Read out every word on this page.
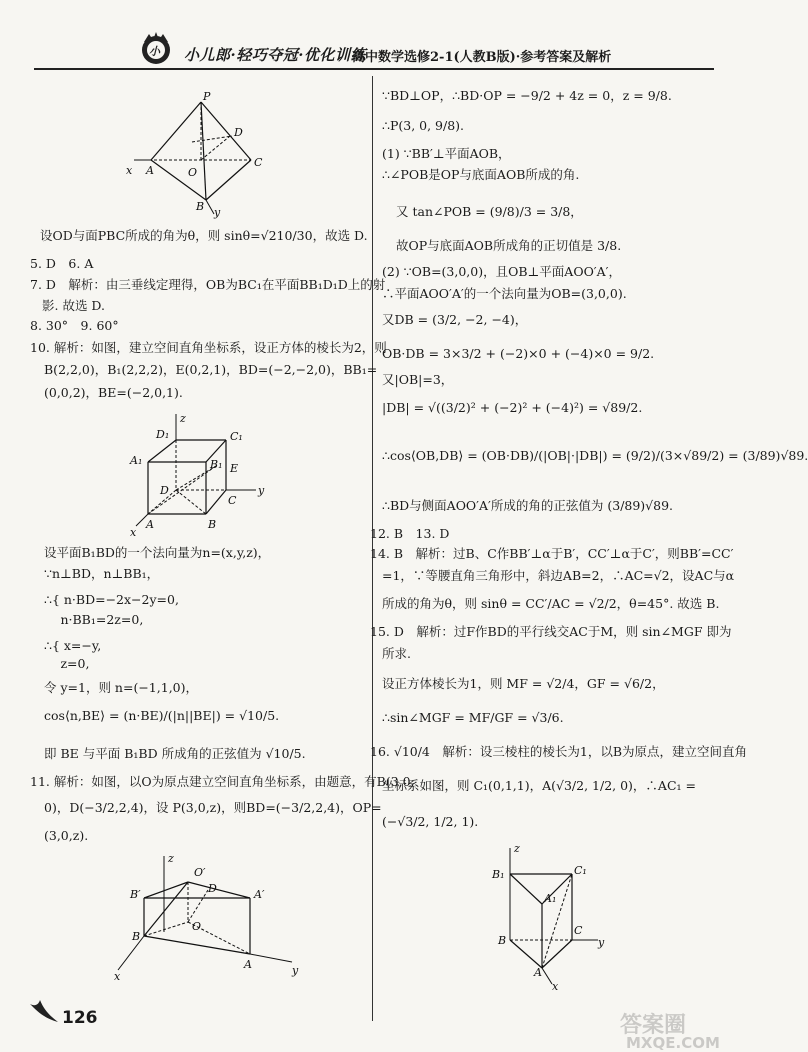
小 小儿郎·轻巧夺冠·优化训练
高中数学选修2-1(人教B版)·参考答案及解析
P
D
C
O
A
B
x
y
设OD与面PBC所成的角为θ，则 sinθ=√210/30，故选 D.
5. D　6. A
7. D　解析：由三垂线定理得，OB为BC₁在平面BB₁D₁D上的射
影. 故选 D.
8. 30°　9. 60°
10. 解析：如图，建立空间直角坐标系，设正方体的棱长为2，则
B(2,2,0)，B₁(2,2,2)，E(0,2,1)，BD=(−2,−2,0)，BB₁=
(0,0,2)，BE=(−2,0,1).
z
D₁	C₁
A₁	B₁ E
D
C
A	B
x
y
设平面B₁BD的一个法向量为n=(x,y,z)，
∵n⊥BD，n⊥BB₁，
∴{ n·BD=−2x−2y=0,
　 n·BB₁=2z=0,
∴{ x=−y,
　 z=0,
令 y=1，则 n=(−1,1,0)，
cos⟨n,BE⟩ = (n·BE)/(|n||BE|) = √10/5.
即 BE 与平面 B₁BD 所成角的正弦值为 √10/5.
11. 解析：如图，以O为原点建立空间直角坐标系，由题意，有B(3,0,
0)，D(−3/2,2,4)，设 P(3,0,z)，则BD=(−3/2,2,4)，OP=
(3,0,z).
z
O′
B′	D	A′
B
O
A
x	y
∵BD⊥OP，∴BD·OP = −9/2 + 4z = 0，z = 9/8.
∴P(3, 0, 9/8).
(1) ∵BB′⊥平面AOB，
∴∠POB是OP与底面AOB所成的角.
又 tan∠POB = (9/8)/3 = 3/8，
故OP与底面AOB所成角的正切值是 3/8.
(2) ∵OB=(3,0,0)，且OB⊥平面AOO′A′，
∴平面AOO′A′的一个法向量为OB=(3,0,0).
又DB = (3/2, −2, −4)，
OB·DB = 3×3/2 + (−2)×0 + (−4)×0 = 9/2.
又|OB|=3，
|DB| = √((3/2)² + (−2)² + (−4)²) = √89/2.
∴cos⟨OB,DB⟩ = (OB·DB)/(|OB|·|DB|) = (9/2)/(3×√89/2) = (3/89)√89.
∴BD与侧面AOO′A′所成的角的正弦值为 (3/89)√89.
12. B　13. D
14. B　解析：过B、C作BB′⊥α于B′，CC′⊥α于C′，则BB′=CC′
=1，∵等腰直角三角形中，斜边AB=2，∴AC=√2，设AC与α
所成的角为θ，则 sinθ = CC′/AC = √2/2，θ=45°. 故选 B.
15. D　解析：过F作BD的平行线交AC于M，则 sin∠MGF 即为
所求.
设正方体棱长为1，则 MF = √2/4，GF = √6/2，
∴sin∠MGF = MF/GF = √3/6.
16. √10/4　解析：设三棱柱的棱长为1，以B为原点，建立空间直角
坐标系如图，则 C₁(0,1,1)，A(√3/2, 1/2, 0)，∴AC₁ =
(−√3/2, 1/2, 1).
z
B₁	C₁
A₁
B
C
y
A
x
126	答案圈
MXQE.COM
